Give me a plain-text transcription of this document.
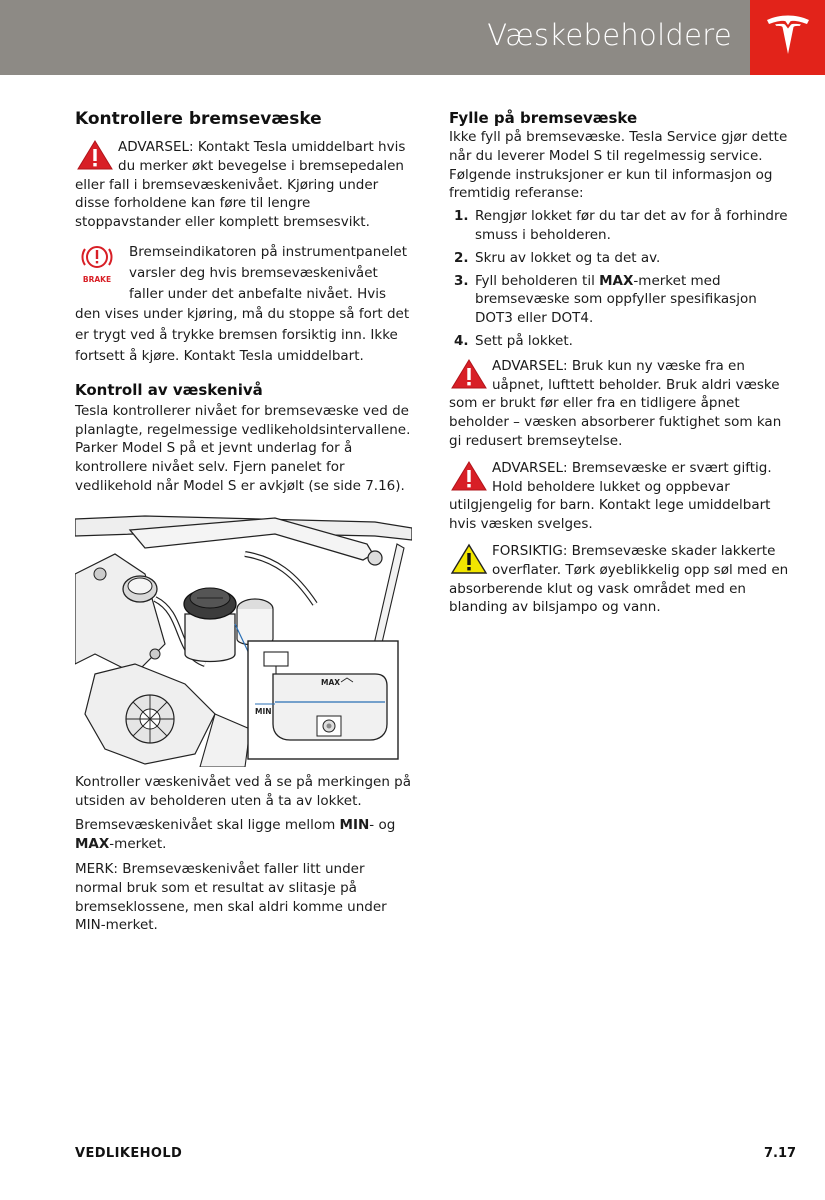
Væskebeholdere
Kontrollere bremsevæske
ADVARSEL: Kontakt Tesla umiddelbart hvis du merker økt bevegelse i bremsepedalen eller fall i bremsevæskenivået. Kjøring under disse forholdene kan føre til lengre stoppavstander eller komplett bremsesvikt.
BRAKE
Bremseindikatoren på instrumentpanelet varsler deg hvis bremsevæskenivået faller under det anbefalte nivået. Hvis den vises under kjøring, må du stoppe så fort det er trygt ved å trykke bremsen forsiktig inn. Ikke fortsett å kjøre. Kontakt Tesla umiddelbart.
Kontroll av væskenivå

Tesla kontrollerer nivået for bremsevæske ved de planlagte, regelmessige vedlikeholdsintervallene. Parker Model S på et jevnt underlag for å kontrollere nivået selv. Fjern panelet for vedlikehold når Model S er avkjølt (se side 7.16).

MAX
MIN

Kontroller væskenivået ved å se på merkingen på utsiden av beholderen uten å ta av lokket.

Bremsevæskenivået skal ligge mellom MIN- og MAX-merket.

MERK: Bremsevæskenivået faller litt under normal bruk som et resultat av slitasje på bremseklossene, men skal aldri komme under MIN-merket.

Fylle på bremsevæske

Ikke fyll på bremsevæske. Tesla Service gjør dette når du leverer Model S til regelmessig service. Følgende instruksjoner er kun til informasjon og fremtidig referanse:

1. Rengjør lokket før du tar det av for å forhindre smuss i beholderen.
2. Skru av lokket og ta det av.
3. Fyll beholderen til MAX-merket med bremsevæske som oppfyller spesifikasjon DOT3 eller DOT4.
4. Sett på lokket.
ADVARSEL: Bruk kun ny væske fra en uåpnet, lufttett beholder. Bruk aldri væske som er brukt før eller fra en tidligere åpnet beholder – væsken absorberer fuktighet som kan gi redusert bremseytelse.
ADVARSEL: Bremsevæske er svært giftig. Hold beholdere lukket og oppbevar utilgjengelig for barn. Kontakt lege umiddelbart hvis væsken svelges.
FORSIKTIG: Bremsevæske skader lakkerte overflater. Tørk øyeblikkelig opp søl med en absorberende klut og vask området med en blanding av bilsjampo og vann.
VEDLIKEHOLD	7.17
